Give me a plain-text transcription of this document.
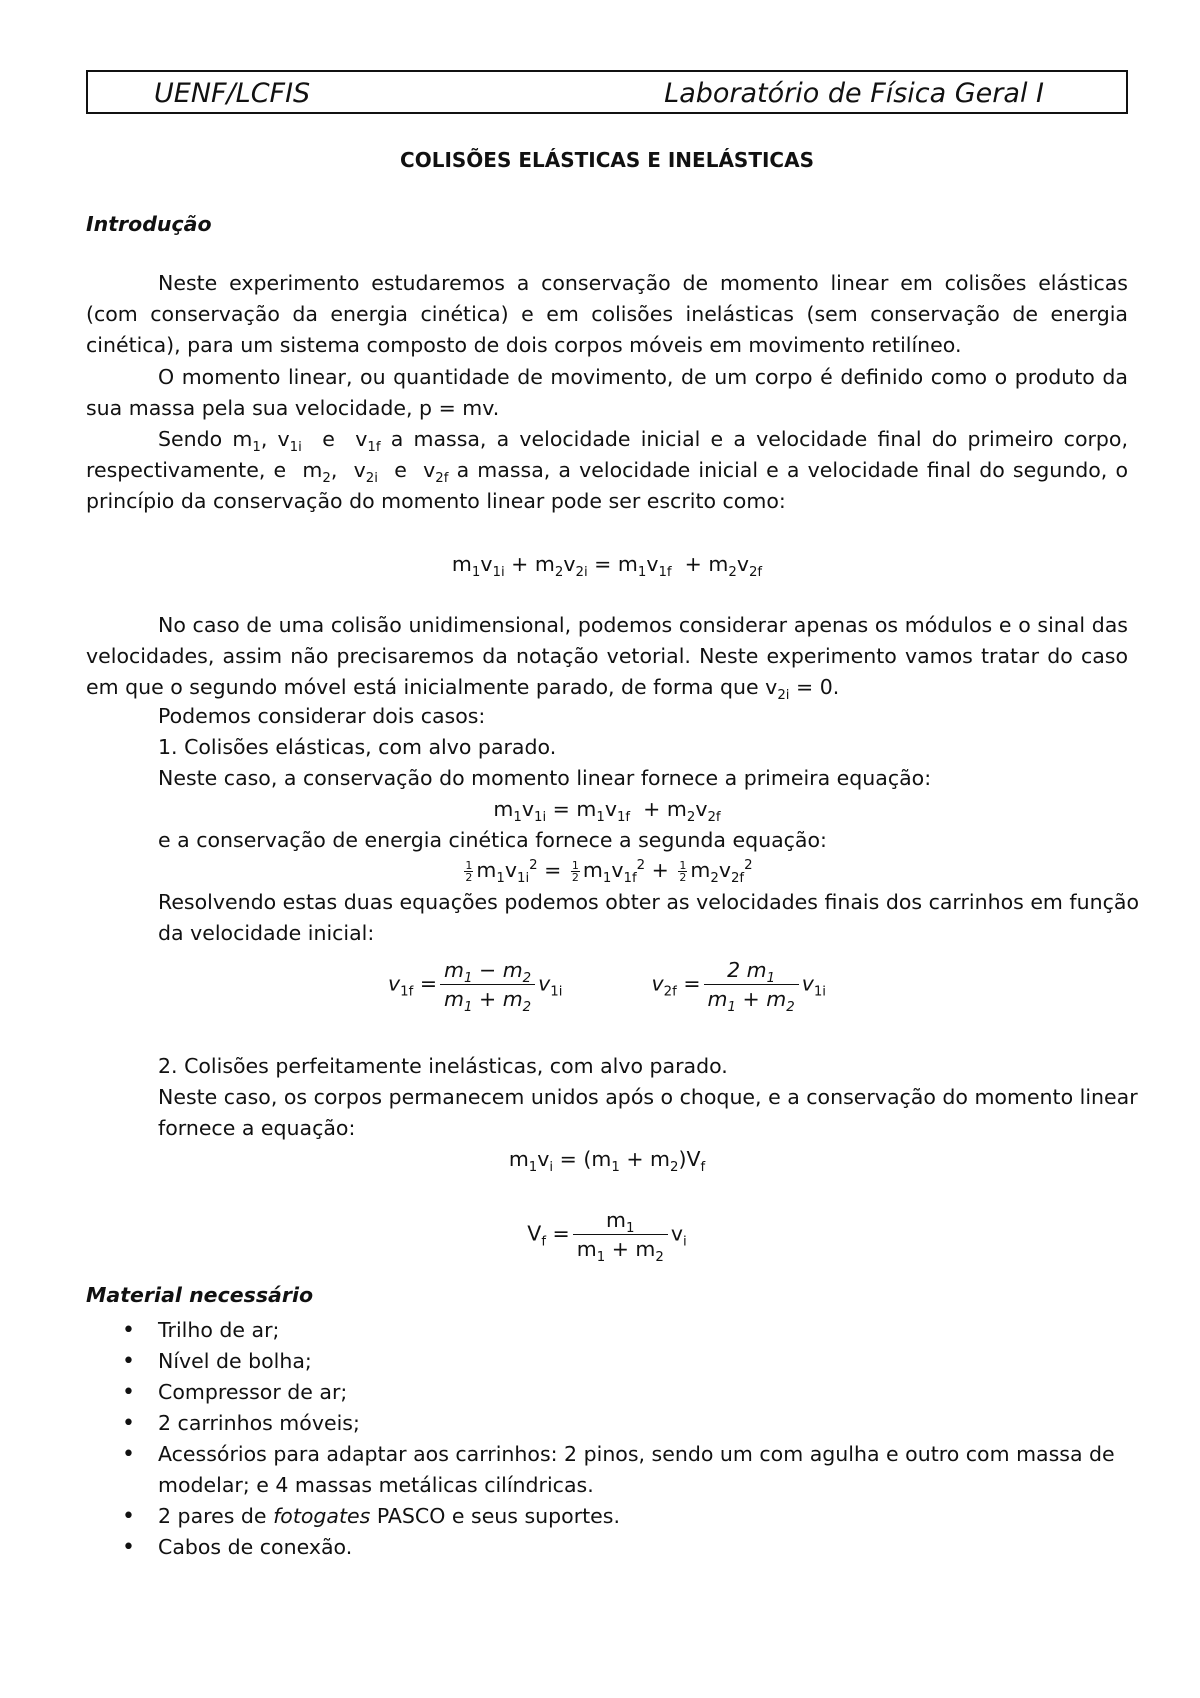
UENF/LCFIS	Laboratório de Física Geral I
COLISÕES ELÁSTICAS E INELÁSTICAS
Introdução
Neste experimento estudaremos a conservação de momento linear em colisões elásticas (com conservação da energia cinética) e em colisões inelásticas (sem conservação de energia cinética), para um sistema composto de dois corpos móveis em movimento retilíneo.
O momento linear, ou quantidade de movimento, de um corpo é definido como o produto da sua massa pela sua velocidade, p = mv.
Sendo $m_1$, $v_{1i}$  e  $v_{1f}$ a massa, a velocidade inicial e a velocidade final do primeiro corpo, respectivamente, e  $m_2$,  $v_{2i}$  e  $v_{2f}$ a massa, a velocidade inicial e a velocidade final do segundo, o princípio da conservação do momento linear pode ser escrito como:
$m_1v_{1i} + m_2v_{2i} = m_1v_{1f} + m_2v_{2f}$
No caso de uma colisão unidimensional, podemos considerar apenas os módulos e o sinal das velocidades, assim não precisaremos da notação vetorial. Neste experimento vamos tratar do caso em que o segundo móvel está inicialmente parado, de forma que $v_{2i} = 0$.
Podemos considerar dois casos:
1. Colisões elásticas, com alvo parado.
Neste caso, a conservação do momento linear fornece a primeira equação:
$m_1v_{1i} = m_1v_{1f} + m_2v_{2f}$
e a conservação de energia cinética fornece a segunda equação:
1
2 $m_1v_{1i}^2 = 1$
2 $m_1v_{1f}^2 + 1$
2 $m_2v_{2f}^2$
Resolvendo estas duas equações podemos obter as velocidades finais dos carrinhos em função
da velocidade inicial:
$v_{1f} = \frac{m_1 - m_2}{m_1 + m_2} v_{1i}$	$v_{2f} = \frac{2 m_1}{m_1 + m_2} v_{1i}$
2. Colisões perfeitamente inelásticas, com alvo parado.
Neste caso, os corpos permanecem unidos após o choque, e a conservação do momento linear
fornece a equação:
$m_1v_i = (m_1 + m_2)V_f$
$V_f = \frac{m_1}{m_1 + m_2} v_i$
Material necessário
• Trilho de ar;
• Nível de bolha;
• Compressor de ar;
• 2 carrinhos móveis;
• Acessórios para adaptar aos carrinhos: 2 pinos, sendo um com agulha e outro com massa de modelar; e 4 massas metálicas cilíndricas.
• 2 pares de fotogates PASCO e seus suportes.
• Cabos de conexão.
